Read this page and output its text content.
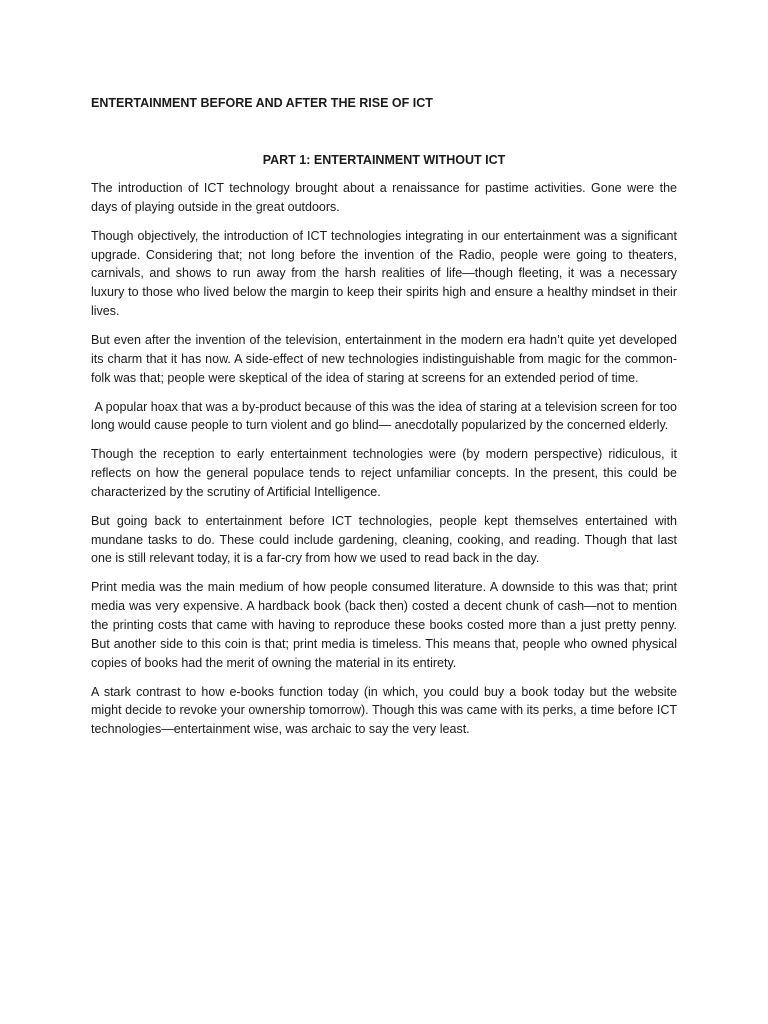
ENTERTAINMENT BEFORE AND AFTER THE RISE OF ICT
PART 1: ENTERTAINMENT WITHOUT ICT

The introduction of ICT technology brought about a renaissance for pastime activities. Gone were the days of playing outside in the great outdoors.

Though objectively, the introduction of ICT technologies integrating in our entertainment was a significant upgrade. Considering that; not long before the invention of the Radio, people were going to theaters, carnivals, and shows to run away from the harsh realities of life—though fleeting, it was a necessary luxury to those who lived below the margin to keep their spirits high and ensure a healthy mindset in their lives.

But even after the invention of the television, entertainment in the modern era hadn’t quite yet developed its charm that it has now. A side-effect of new technologies indistinguishable from magic for the common-folk was that; people were skeptical of the idea of staring at screens for an extended period of time.

A popular hoax that was a by-product because of this was the idea of staring at a television screen for too long would cause people to turn violent and go blind— anecdotally popularized by the concerned elderly.

Though the reception to early entertainment technologies were (by modern perspective) ridiculous, it reflects on how the general populace tends to reject unfamiliar concepts. In the present, this could be characterized by the scrutiny of Artificial Intelligence.

But going back to entertainment before ICT technologies, people kept themselves entertained with mundane tasks to do. These could include gardening, cleaning, cooking, and reading. Though that last one is still relevant today, it is a far-cry from how we used to read back in the day.

Print media was the main medium of how people consumed literature. A downside to this was that; print media was very expensive. A hardback book (back then) costed a decent chunk of cash—not to mention the printing costs that came with having to reproduce these books costed more than a just pretty penny. But another side to this coin is that; print media is timeless. This means that, people who owned physical copies of books had the merit of owning the material in its entirety.

A stark contrast to how e-books function today (in which, you could buy a book today but the website might decide to revoke your ownership tomorrow). Though this was came with its perks, a time before ICT technologies—entertainment wise, was archaic to say the very least.
